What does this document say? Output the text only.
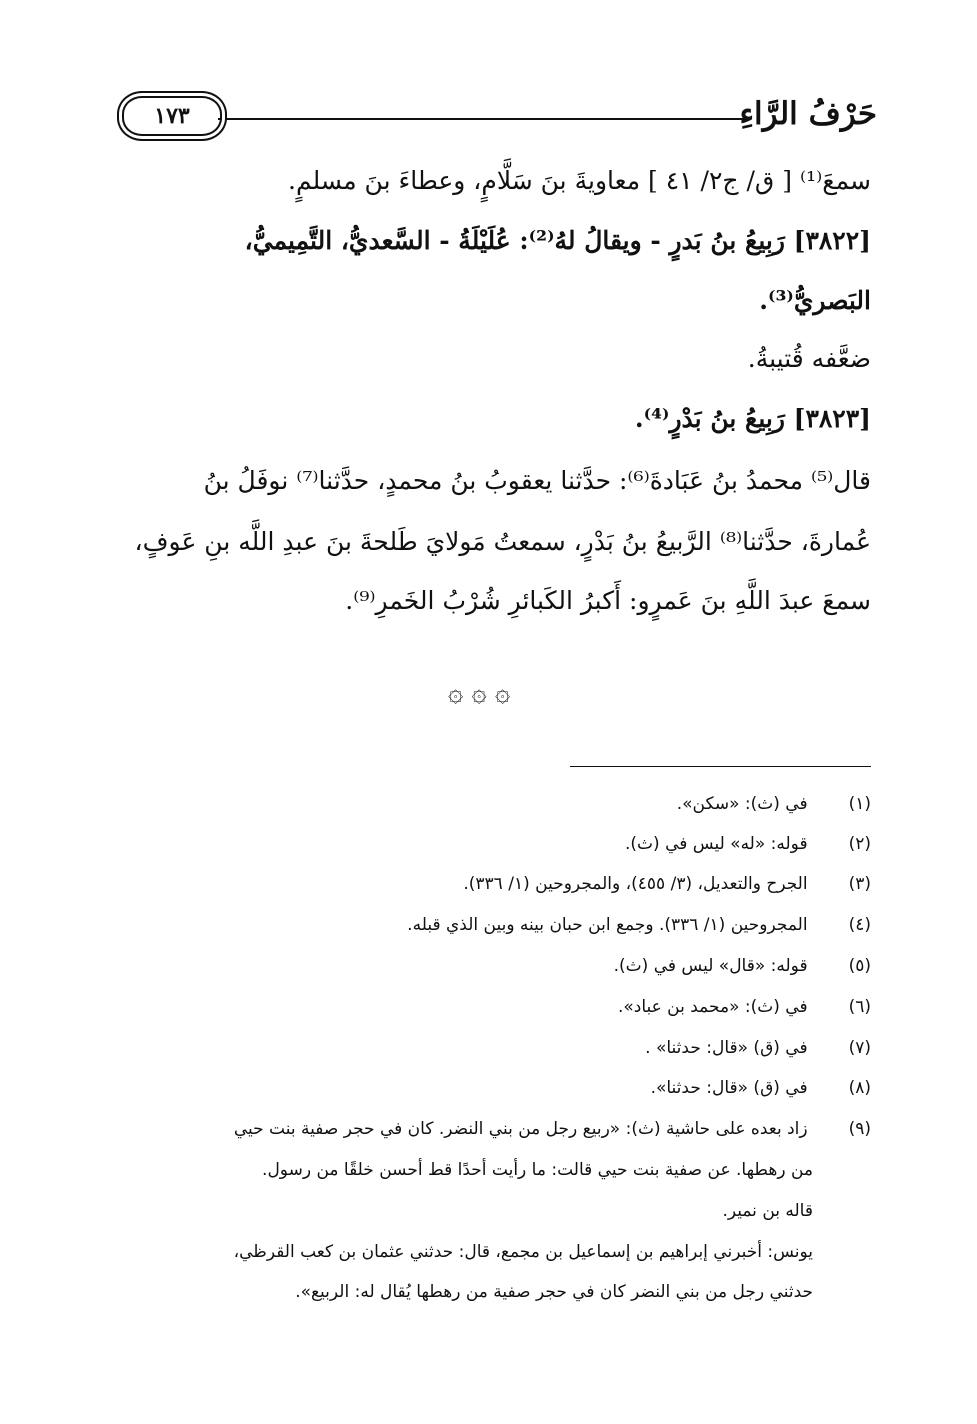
حَرْفُ الرَّاءِ
١٧٣
سمعَ⁽¹⁾ [ ق/ ج٢/ ٤١ ] معاويةَ بنَ سَلَّامٍ، وعطاءَ بنَ مسلمٍ.
[٣٨٢٢] رَبِيعُ بنُ بَدرٍ - ويقالُ لهُ⁽²⁾: عُلَيْلَةُ - السَّعديُّ، التَّمِيميُّ،
البَصريُّ⁽³⁾.
ضعَّفه قُتيبةُ.
[٣٨٢٣] رَبِيعُ بنُ بَدْرٍ⁽⁴⁾.
قال⁽⁵⁾ محمدُ بنُ عَبَادةَ⁽⁶⁾: حدَّثنا يعقوبُ بنُ محمدٍ، حدَّثنا⁽⁷⁾ نوفَلُ بنُ
عُمارةَ، حدَّثنا⁽⁸⁾ الرَّبيعُ بنُ بَدْرٍ، سمعتُ مَولايَ طَلحةَ بنَ عبدِ اللَّه بنِ عَوفٍ،
سمعَ عبدَ اللَّهِ بنَ عَمرٍو: أَكبرُ الكَبائرِ شُرْبُ الخَمرِ⁽⁹⁾.
۞ ۞ ۞
(١) في (ث): «سكن».
(٢) قوله: «له» ليس في (ث).
(٣) الجرح والتعديل، (٣/ ٤٥٥)، والمجروحين (١/ ٣٣٦).
(٤) المجروحين (١/ ٣٣٦). وجمع ابن حبان بينه وبين الذي قبله.
(٥) قوله: «قال» ليس في (ث).
(٦) في (ث): «محمد بن عباد».
(٧) في (ق) «قال: حدثنا» .
(٨) في (ق) «قال: حدثنا».
(٩) زاد بعده على حاشية (ث): «ربيع رجل من بني النضر. كان في حجر صفية بنت حيي
من رهطها. عن صفية بنت حيي قالت: ما رأيت أحدًا قط أحسن خلقًا من رسول.
قاله بن نمير.
يونس: أخبرني إبراهيم بن إسماعيل بن مجمع، قال: حدثني عثمان بن كعب القرظي،
حدثني رجل من بني النضر كان في حجر صفية من رهطها يُقال له: الربيع».
